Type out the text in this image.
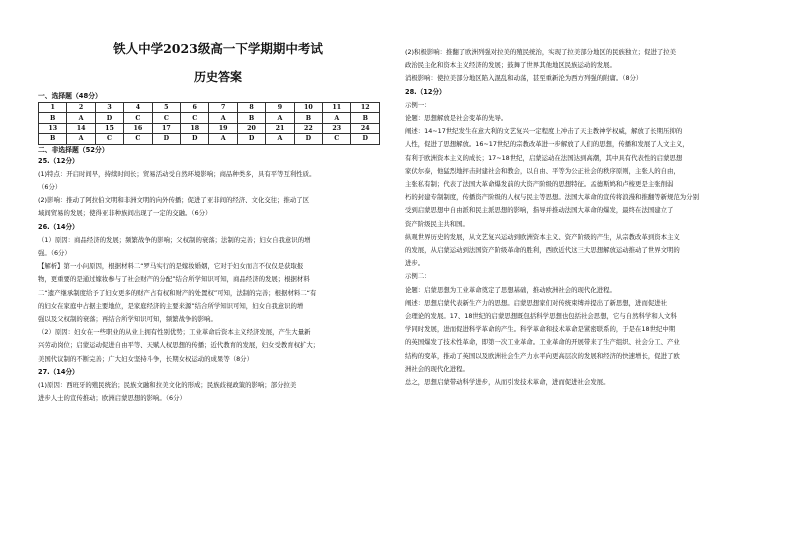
铁人中学2023级高一下学期期中考试
历史答案
一、选择题（48分）
1	2	3	4	5	6	7	8	9	10	11	12
B	A	D	C	C	C	A	B	A	B	A	B
13	14	15	16	17	18	19	20	21	22	23	24
B	A	C	C	D	D	A	D	A	D	C	D
二、非选择题（52分）
25.（12分）
(1)特点：开启时间早，持续时间长；贸易活动受自然环境影响；商品种类多，具有平等互利性质。
（6分）
(2)影响：推动了阿拉伯文明和非洲文明的向外传播；促进了亚非间的经济、文化交往；推动了区
域间贸易的发展；使得亚非种族间出现了一定的交融。（6分）
26.（14分）
（1）原因：商品经济的发展；频繁战争的影响；父权制的衰落；法制的完善；妇女自我意识的增
强。（6分）
【解析】第一小问原因，根据材料二“罗马实行的是嫁妆婚姻，它对于妇女而言不仅仅是获取报
物，更重要的是通过嫁妆参与了社会财产的分配”结合所学知识可知，商品经济的发展；根据材料
二“遗产继承制度给予了妇女更多的财产占有权和财产的处置权”可知，法制的完善；根据材料二“有
的妇女在家庭中占据主要地位，是家庭经济的主要来源”结合所学知识可知，妇女自我意识的增
强以及父权制的衰落；再结合所学知识可知，频繁战争的影响。
（2）原因：妇女在一些职业的从业上拥有性别优势；工业革命后资本主义经济发展，产生大量新
兴劳动岗位；启蒙运动促进自由平等、天赋人权思想的传播；近代教育的发展，妇女受教育权扩大；
美国代议制的不断完善；广大妇女坚持斗争，长期女权运动的成果等（8分）
27.（14分）
(1)原因：西班牙的殖民统治；民族文融和拉美文化的形成；民族歧视政策的影响；部分拉美
进步人士的宣传推动；欧洲启蒙思想的影响。（6分）
(2)积极影响：推翻了欧洲列强对拉美的殖民统治，实现了拉美部分地区的民族独立；促进了拉美
政治民主化和资本主义经济的发展；鼓舞了世界其他地区民族运动的发展。
消极影响：使拉美部分地区陷入混乱和动荡，甚至重新沦为西方列强的附庸。（8分）
28.（12分）
示例一：
论题：思想解放是社会变革的先导。
阐述：14~17世纪发生在意大利的文艺复兴一定程度上冲击了天主教神学权威，解放了长期压抑的
人性，促进了思想解放。16~17世纪的宗教改革进一步解放了人们的思想，传播和发展了人文主义，
有利于欧洲资本主义的成长；17~18世纪，启蒙运动在法国达到高潮，其中具有代表性的启蒙思想
家伏尔泰，他猛烈地抨击封建社会和教会，以自由、平等为公正社会的秩序原则，主张人的自由，
主张私有制；代表了法国大革命爆发前的大资产阶级的思想特征。孟德斯鸠和卢梭更是主张削弱
朽的封建专制制度，传播资产阶级的人权与民主等思想。法国大革命的宣传将浪漫和推翻等新规范为分别
受到启蒙思想中自由派和民主派思想的影响，指导并推动法国大革命的爆发，最终在法国建立了
资产阶级民主共和国。
纵观世界历史的发展，从文艺复兴运动到欧洲资本主义、资产阶级的产生，从宗教改革到资本主义
的发展，从启蒙运动到法国资产阶级革命的胜利，西欧近代这三大思想解放运动推动了世界文明的
进步。
示例二：
论题：启蒙思想为工业革命奠定了思想基础，推动欧洲社会的现代化进程。
阐述：思想启蒙代表新生产力的思想。启蒙思想家们对传统束缚并提出了新思想，进而促进社
会理论的发展。17、18世纪的启蒙思想既包括科学思想也包括社会思想，它与自然科学和人文科
学同时发展，进而促进科学革命的产生。科学革命和技术革命是紧密联系的，于是在18世纪中期
的英国爆发了技术性革命，即第一次工业革命。工业革命的开展带来了生产组织、社会分工、产业
结构的变革，推动了英国以及欧洲社会生产力水平向更高层次的发展和经济的快速增长，促进了欧
洲社会的现代化进程。
总之，思想启蒙带动科学进步，从而引发技术革命，进而促进社会发展。
